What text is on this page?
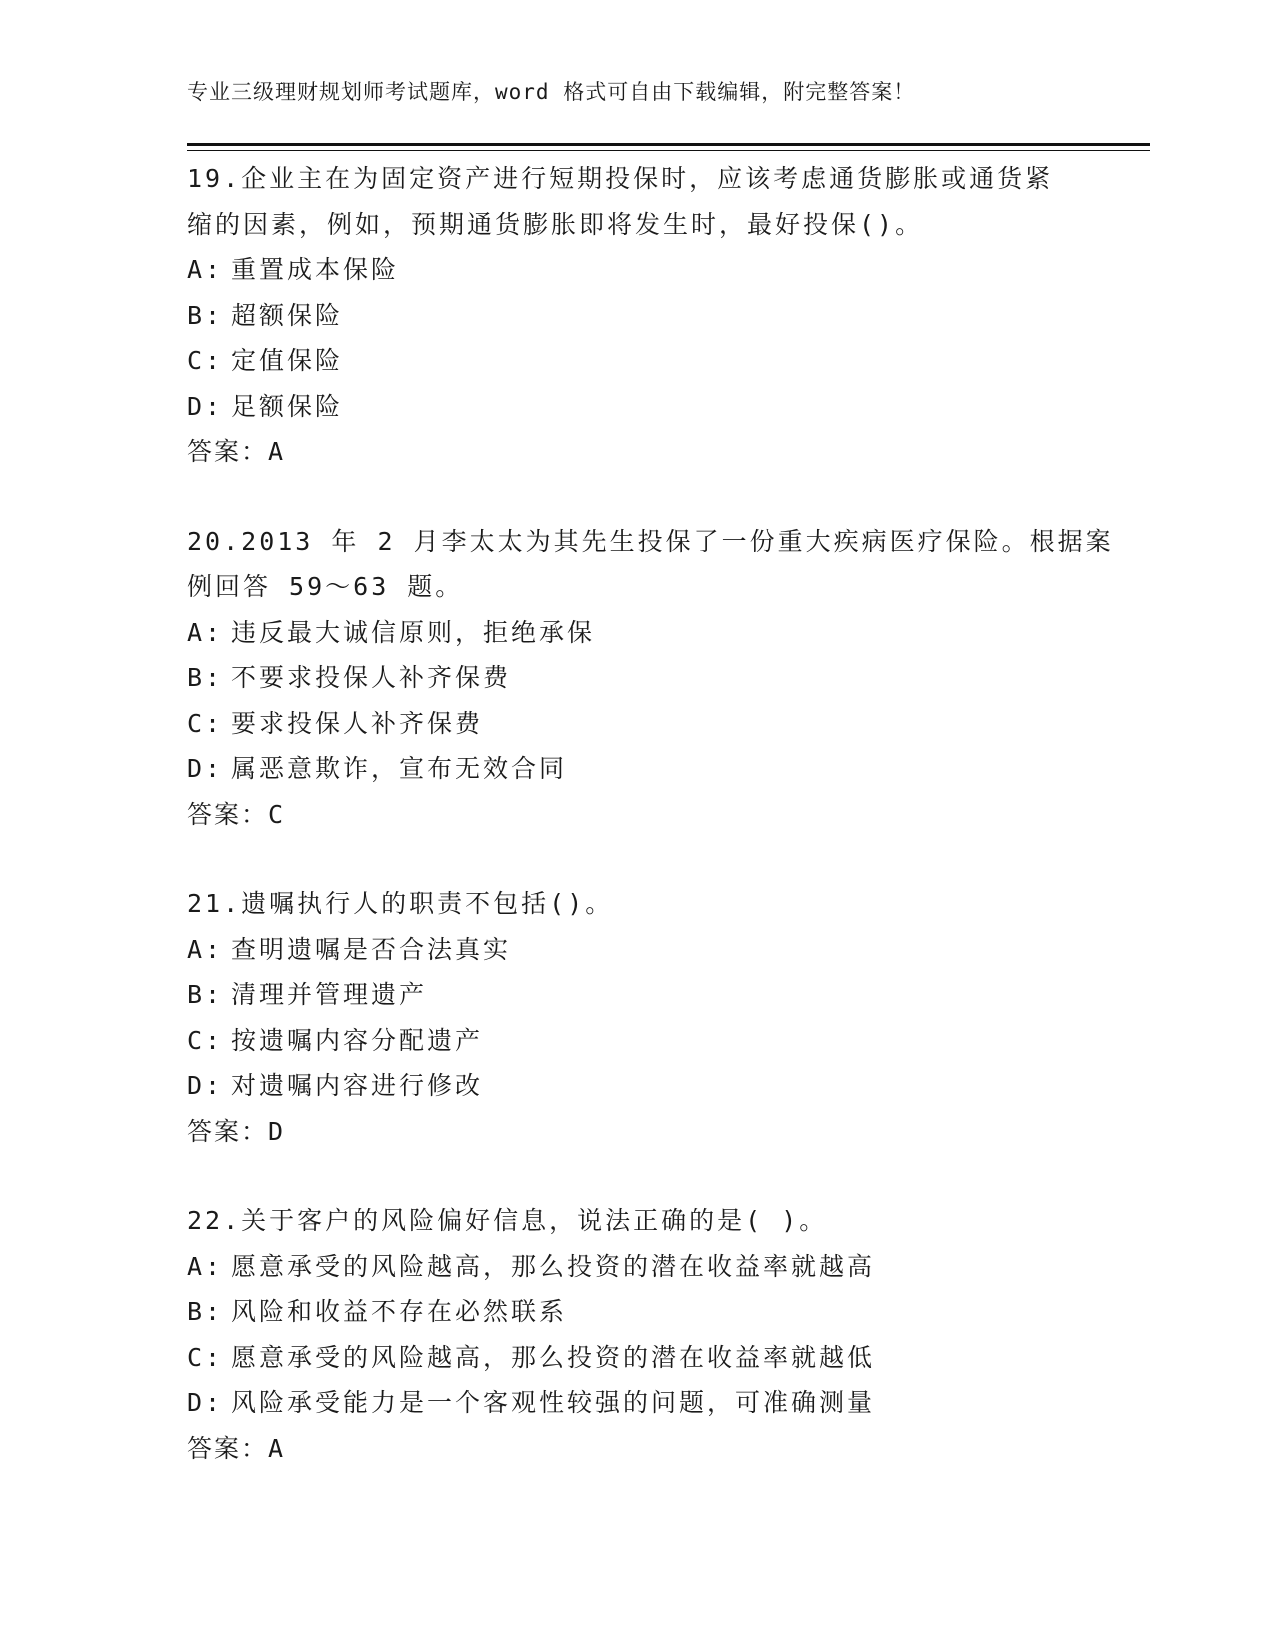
专业三级理财规划师考试题库，word 格式可自由下载编辑，附完整答案！
19.企业主在为固定资产进行短期投保时，应该考虑通货膨胀或通货紧
缩的因素，例如，预期通货膨胀即将发生时，最好投保()。
A: 重置成本保险
B: 超额保险
C: 定值保险
D: 足额保险
答案：A
20.2013 年 2 月李太太为其先生投保了一份重大疾病医疗保险。根据案
例回答 59～63 题。
A: 违反最大诚信原则，拒绝承保
B: 不要求投保人补齐保费
C: 要求投保人补齐保费
D: 属恶意欺诈，宣布无效合同
答案：C
21.遗嘱执行人的职责不包括()。
A: 查明遗嘱是否合法真实
B: 清理并管理遗产
C: 按遗嘱内容分配遗产
D: 对遗嘱内容进行修改
答案：D
22.关于客户的风险偏好信息，说法正确的是( )。
A: 愿意承受的风险越高，那么投资的潜在收益率就越高
B: 风险和收益不存在必然联系
C: 愿意承受的风险越高，那么投资的潜在收益率就越低
D: 风险承受能力是一个客观性较强的问题，可准确测量
答案：A
